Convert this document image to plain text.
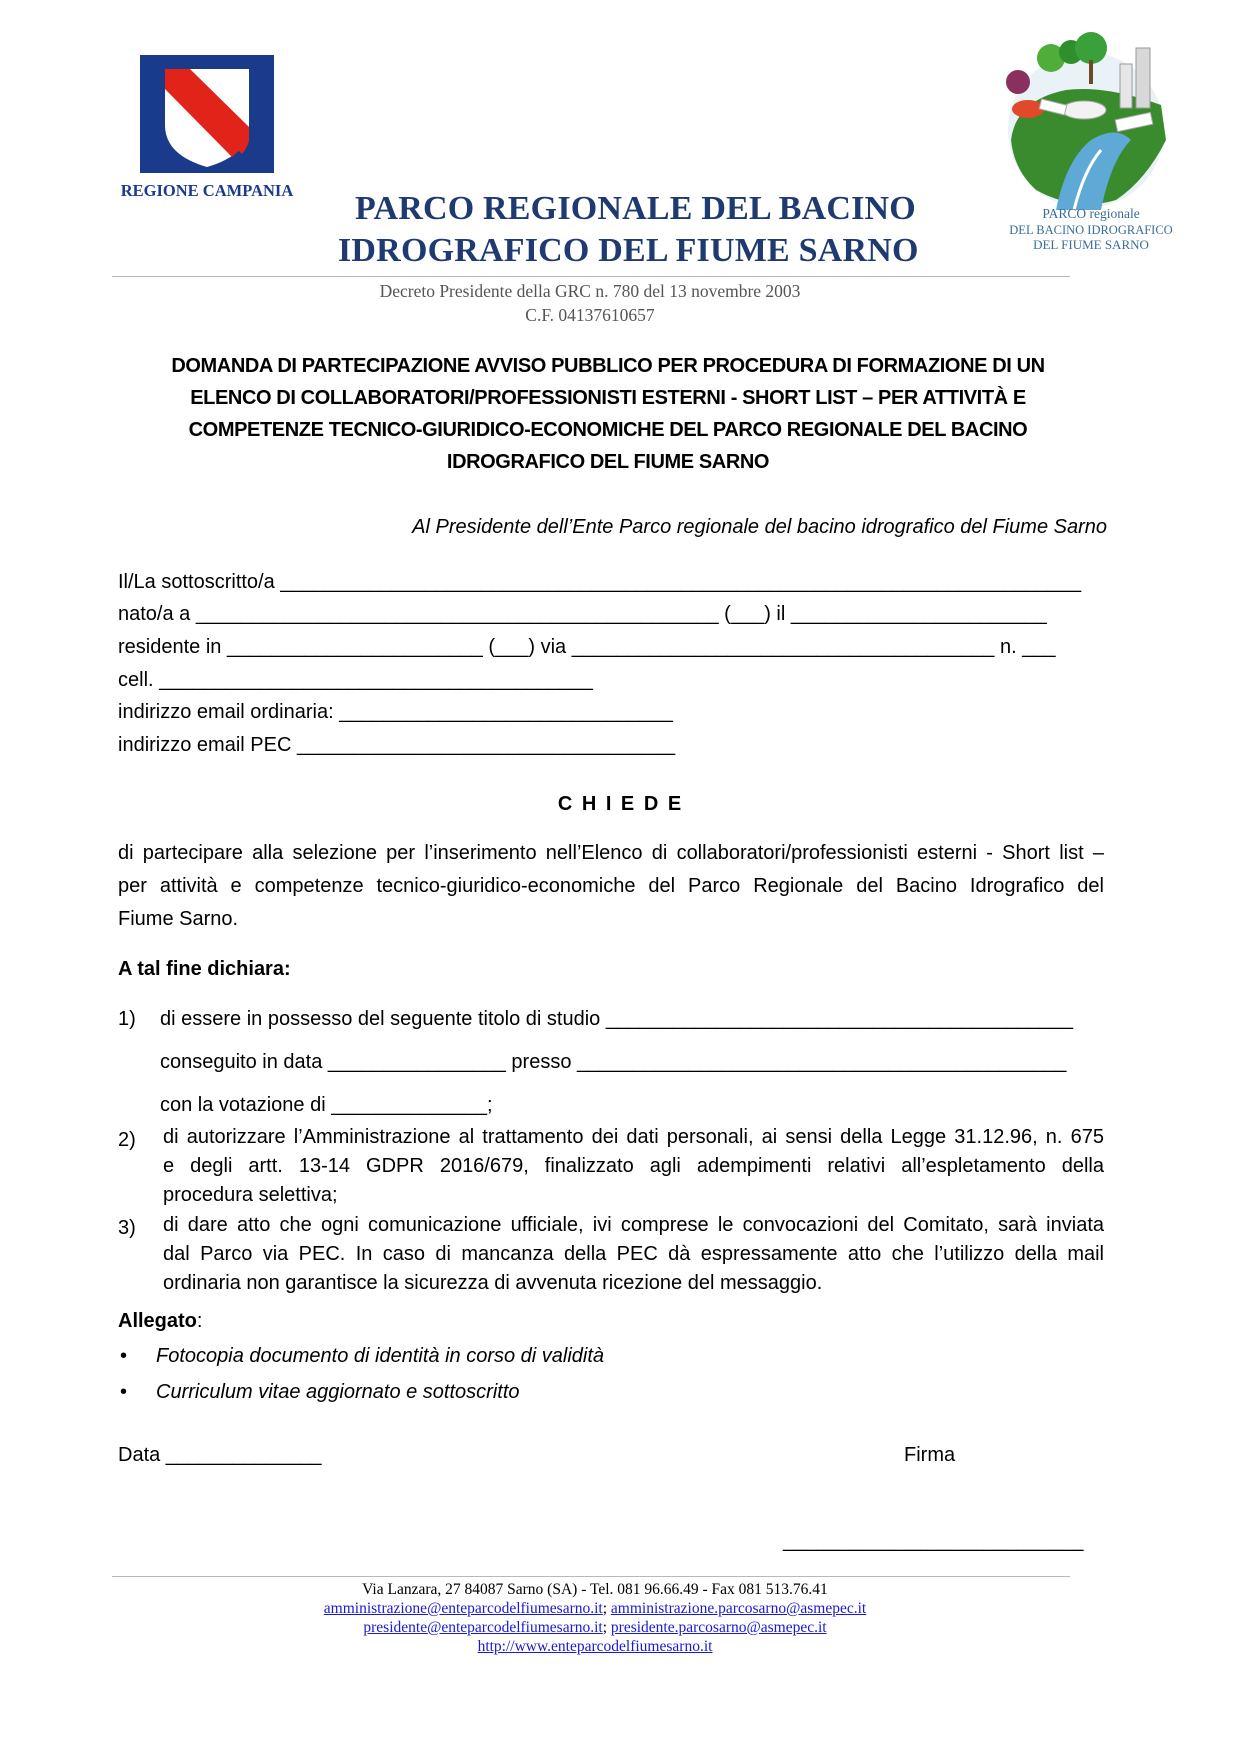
REGIONE CAMPANIA
PARCO regionale
DEL BACINO IDROGRAFICO
DEL FIUME SARNO
PARCO REGIONALE DEL BACINO
IDROGRAFICO DEL FIUME SARNO
Decreto Presidente della GRC n. 780 del 13 novembre 2003
C.F. 04137610657
DOMANDA DI PARTECIPAZIONE AVVISO PUBBLICO PER PROCEDURA DI FORMAZIONE DI UN
ELENCO DI COLLABORATORI/PROFESSIONISTI ESTERNI - SHORT LIST – PER ATTIVITÀ E
COMPETENZE TECNICO-GIURIDICO-ECONOMICHE DEL PARCO REGIONALE DEL BACINO
IDROGRAFICO DEL FIUME SARNO
Al Presidente dell’Ente Parco regionale del bacino idrografico del Fiume Sarno
Il/La sottoscritto/a ________________________________________________________________________
nato/a a _______________________________________________ (___) il _______________________
residente in _______________________ (___) via ______________________________________ n. ___
cell. _______________________________________
indirizzo email ordinaria: ______________________________
indirizzo email PEC __________________________________
C H I E D E
di partecipare alla selezione per l’inserimento nell’Elenco di collaboratori/professionisti esterni - Short list –
per attività e competenze tecnico-giuridico-economiche del Parco Regionale del Bacino Idrografico del
Fiume Sarno.
A tal fine dichiara:
1) di essere in possesso del seguente titolo di studio __________________________________________
conseguito in data ________________ presso ____________________________________________
con la votazione di ______________;
2) di autorizzare l’Amministrazione al trattamento dei dati personali, ai sensi della Legge 31.12.96, n. 675
e degli artt. 13-14 GDPR 2016/679, finalizzato agli adempimenti relativi all’espletamento della
procedura selettiva;
3) di dare atto che ogni comunicazione ufficiale, ivi comprese le convocazioni del Comitato, sarà inviata
dal Parco via PEC. In caso di mancanza della PEC dà espressamente atto che l’utilizzo della mail
ordinaria non garantisce la sicurezza di avvenuta ricezione del messaggio.
Allegato:
• Fotocopia documento di identità in corso di validità
• Curriculum vitae aggiornato e sottoscritto
Data ______________	Firma
___________________________
Via Lanzara, 27 84087 Sarno (SA) - Tel. 081 96.66.49 - Fax 081 513.76.41
amministrazione@enteparcodelfiumesarno.it; amministrazione.parcosarno@asmepec.it
presidente@enteparcodelfiumesarno.it; presidente.parcosarno@asmepec.it
http://www.enteparcodelfiumesarno.it
